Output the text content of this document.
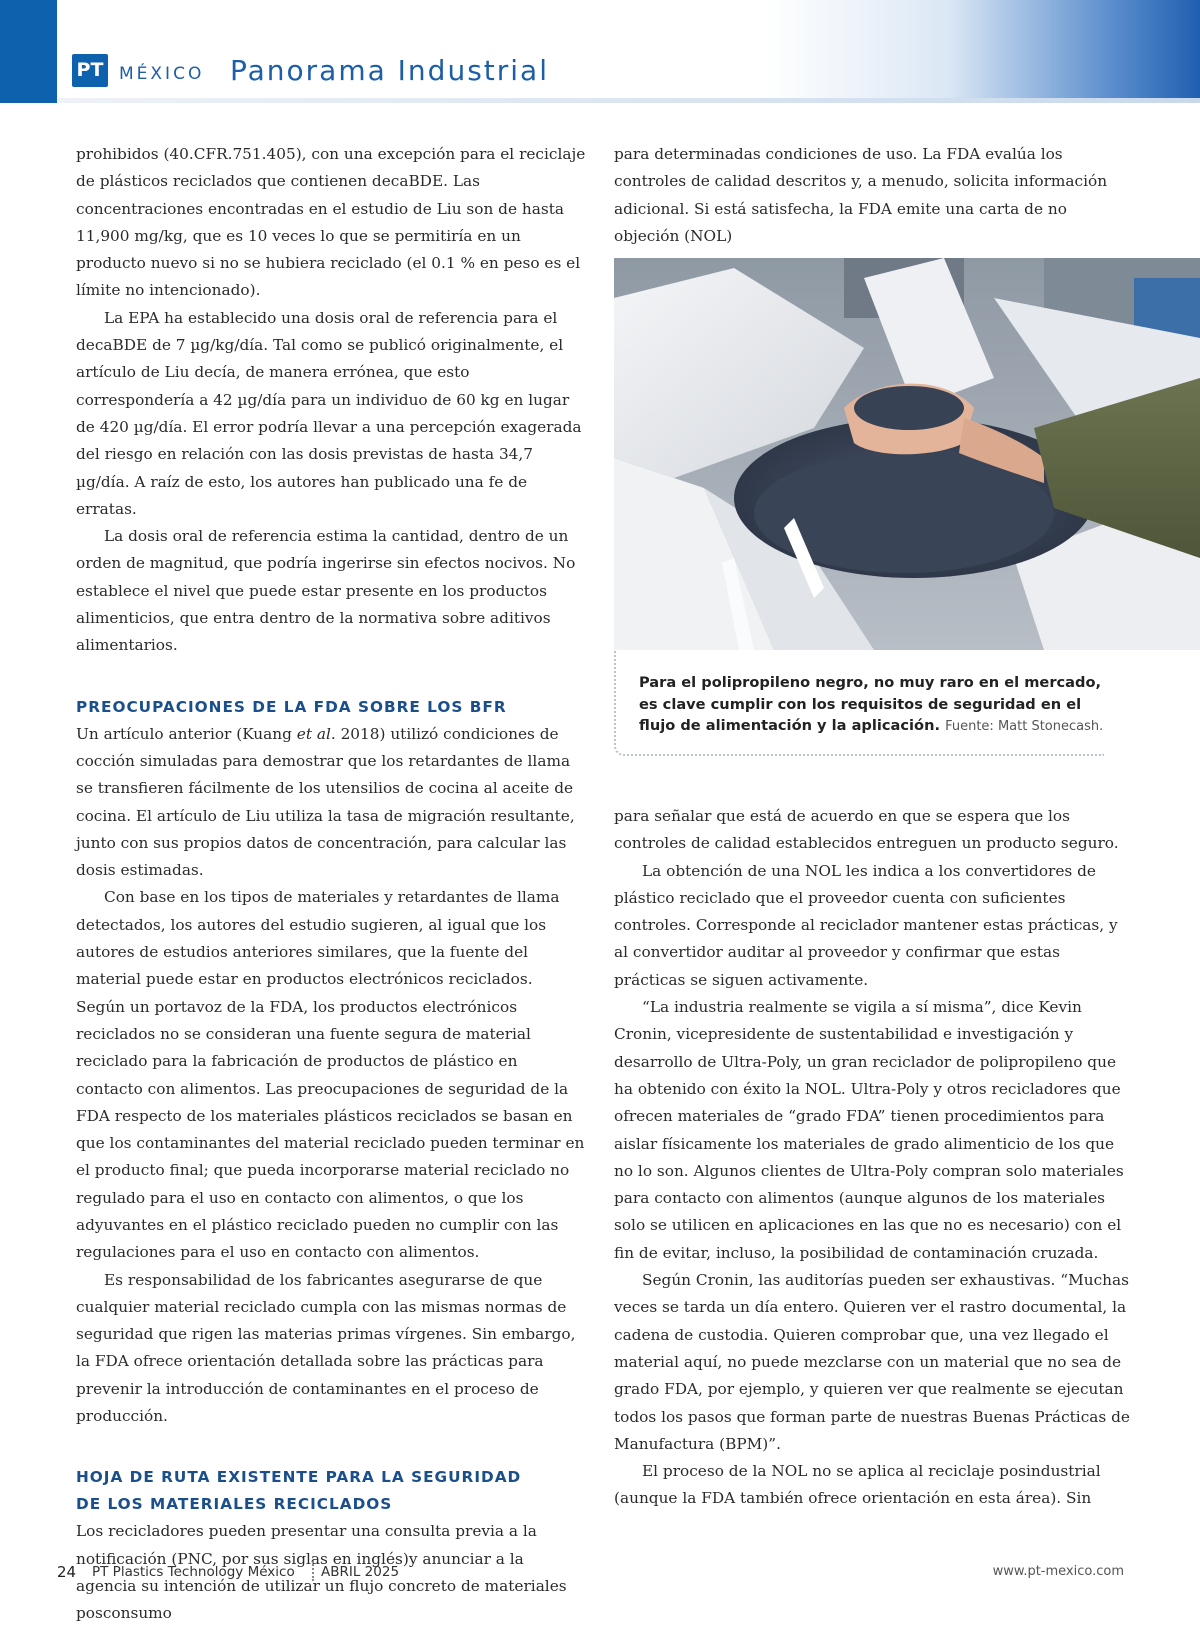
PT MÉXICO Panorama Industrial

prohibidos (40.CFR.751.405), con una excepción para el reciclaje de plásticos reciclados que contienen decaBDE. Las concentraciones encontradas en el estudio de Liu son de hasta 11,900 mg/kg, que es 10 veces lo que se permitiría en un producto nuevo si no se hubiera reciclado (el 0.1 % en peso es el límite no intencionado).

La EPA ha establecido una dosis oral de referencia para el decaBDE de 7 µg/kg/día. Tal como se publicó originalmente, el artículo de Liu decía, de manera errónea, que esto correspondería a 42 µg/día para un individuo de 60 kg en lugar de 420 µg/día. El error podría llevar a una percepción exagerada del riesgo en relación con las dosis previstas de hasta 34,7 µg/día. A raíz de esto, los autores han publicado una fe de erratas.

La dosis oral de referencia estima la cantidad, dentro de un orden de magnitud, que podría ingerirse sin efectos nocivos. No establece el nivel que puede estar presente en los productos alimenticios, que entra dentro de la normativa sobre aditivos alimentarios.

PREOCUPACIONES DE LA FDA SOBRE LOS BFR

Un artículo anterior (Kuang et al. 2018) utilizó condiciones de cocción simuladas para demostrar que los retardantes de llama se transfieren fácilmente de los utensilios de cocina al aceite de cocina. El artículo de Liu utiliza la tasa de migración resultante, junto con sus propios datos de concentración, para calcular las dosis estimadas.

Con base en los tipos de materiales y retardantes de llama detectados, los autores del estudio sugieren, al igual que los autores de estudios anteriores similares, que la fuente del material puede estar en productos electrónicos reciclados. Según un portavoz de la FDA, los productos electrónicos reciclados no se consideran una fuente segura de material reciclado para la fabricación de productos de plástico en contacto con alimentos. Las preocupaciones de seguridad de la FDA respecto de los materiales plásticos reciclados se basan en que los contaminantes del material reciclado pueden terminar en el producto final; que pueda incorporarse material reciclado no regulado para el uso en contacto con alimentos, o que los adyuvantes en el plástico reciclado pueden no cumplir con las regulaciones para el uso en contacto con alimentos.

Es responsabilidad de los fabricantes asegurarse de que cualquier material reciclado cumpla con las mismas normas de seguridad que rigen las materias primas vírgenes. Sin embargo, la FDA ofrece orientación detallada sobre las prácticas para prevenir la introducción de contaminantes en el proceso de producción.

HOJA DE RUTA EXISTENTE PARA LA SEGURIDAD
DE LOS MATERIALES RECICLADOS

Los recicladores pueden presentar una consulta previa a la notificación (PNC, por sus siglas en inglés)y anunciar a la agencia su intención de utilizar un flujo concreto de materiales posconsumo

para determinadas condiciones de uso. La FDA evalúa los controles de calidad descritos y, a menudo, solicita información adicional. Si está satisfecha, la FDA emite una carta de no objeción (NOL)

Para el polipropileno negro, no muy raro en el mercado, es clave cumplir con los requisitos de seguridad en el flujo de alimentación y la aplicación. Fuente: Matt Stonecash.

para señalar que está de acuerdo en que se espera que los controles de calidad establecidos entreguen un producto seguro.

La obtención de una NOL les indica a los convertidores de plástico reciclado que el proveedor cuenta con suficientes controles. Corresponde al reciclador mantener estas prácticas, y al convertidor auditar al proveedor y confirmar que estas prácticas se siguen activamente.

“La industria realmente se vigila a sí misma”, dice Kevin Cronin, vicepresidente de sustentabilidad e investigación y desarrollo de Ultra-Poly, un gran reciclador de polipropileno que ha obtenido con éxito la NOL. Ultra-Poly y otros recicladores que ofrecen materiales de “grado FDA” tienen procedimientos para aislar físicamente los materiales de grado alimenticio de los que no lo son. Algunos clientes de Ultra-Poly compran solo materiales para contacto con alimentos (aunque algunos de los materiales solo se utilicen en aplicaciones en las que no es necesario) con el fin de evitar, incluso, la posibilidad de contaminación cruzada.

Según Cronin, las auditorías pueden ser exhaustivas. “Muchas veces se tarda un día entero. Quieren ver el rastro documental, la cadena de custodia. Quieren comprobar que, una vez llegado el material aquí, no puede mezclarse con un material que no sea de grado FDA, por ejemplo, y quieren ver que realmente se ejecutan todos los pasos que forman parte de nuestras Buenas Prácticas de Manufactura (BPM)”.

El proceso de la NOL no se aplica al reciclaje posindustrial (aunque la FDA también ofrece orientación en esta área). Sin

24 PT Plastics Technology México ABRIL 2025	www.pt-mexico.com
